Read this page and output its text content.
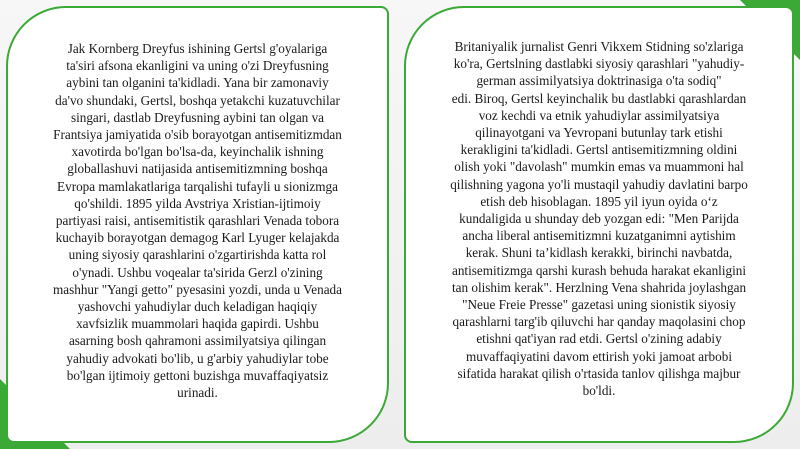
Jak Kornberg Dreyfus ishining Gertsl g'oyalariga
ta'siri afsona ekanligini va uning o'zi Dreyfusning
aybini tan olganini ta'kidladi. Yana bir zamonaviy
da'vo shundaki, Gertsl, boshqa yetakchi kuzatuvchilar
singari, dastlab Dreyfusning aybini tan olgan va
Frantsiya jamiyatida o'sib borayotgan antisemitizmdan
xavotirda bo'lgan bo'lsa-da, keyinchalik ishning
globallashuvi natijasida antisemitizmning boshqa
Evropa mamlakatlariga tarqalishi tufayli u sionizmga
qo'shildi. 1895 yilda Avstriya Xristian-ijtimoiy
partiyasi raisi, antisemitistik qarashlari Venada tobora
kuchayib borayotgan demagog Karl Lyuger kelajakda
uning siyosiy qarashlarini o'zgartirishda katta rol
o'ynadi. Ushbu voqealar ta'sirida Gerzl o'zining
mashhur "Yangi getto" pyesasini yozdi, unda u Venada
yashovchi yahudiylar duch keladigan haqiqiy
xavfsizlik muammolari haqida gapirdi. Ushbu
asarning bosh qahramoni assimilyatsiya qilingan
yahudiy advokati bo'lib, u g'arbiy yahudiylar tobe
bo'lgan ijtimoiy gettoni buzishga muvaffaqiyatsiz
urinadi.

Britaniyalik jurnalist Genri Vikxem Stidning so'zlariga
ko'ra, Gertslning dastlabki siyosiy qarashlari "yahudiy-
german assimilyatsiya doktrinasiga o'ta sodiq"
edi. Biroq, Gertsl keyinchalik bu dastlabki qarashlardan
voz kechdi va etnik yahudiylar assimilyatsiya
qilinayotgani va Yevropani butunlay tark etishi
kerakligini ta'kidladi. Gertsl antisemitizmning oldini
olish yoki "davolash" mumkin emas va muammoni hal
qilishning yagona yo'li mustaqil yahudiy davlatini barpo
etish deb hisoblagan. 1895 yil iyun oyida o‘z
kundaligida u shunday deb yozgan edi: "Men Parijda
ancha liberal antisemitizmni kuzatganimni aytishim
kerak. Shuni ta’kidlash kerakki, birinchi navbatda,
antisemitizmga qarshi kurash behuda harakat ekanligini
tan olishim kerak". Herzlning Vena shahrida joylashgan
"Neue Freie Presse" gazetasi uning sionistik siyosiy
qarashlarni targ'ib qiluvchi har qanday maqolasini chop
etishni qat'iyan rad etdi. Gertsl o'zining adabiy
muvaffaqiyatini davom ettirish yoki jamoat arbobi
sifatida harakat qilish o'rtasida tanlov qilishga majbur
bo'ldi.
